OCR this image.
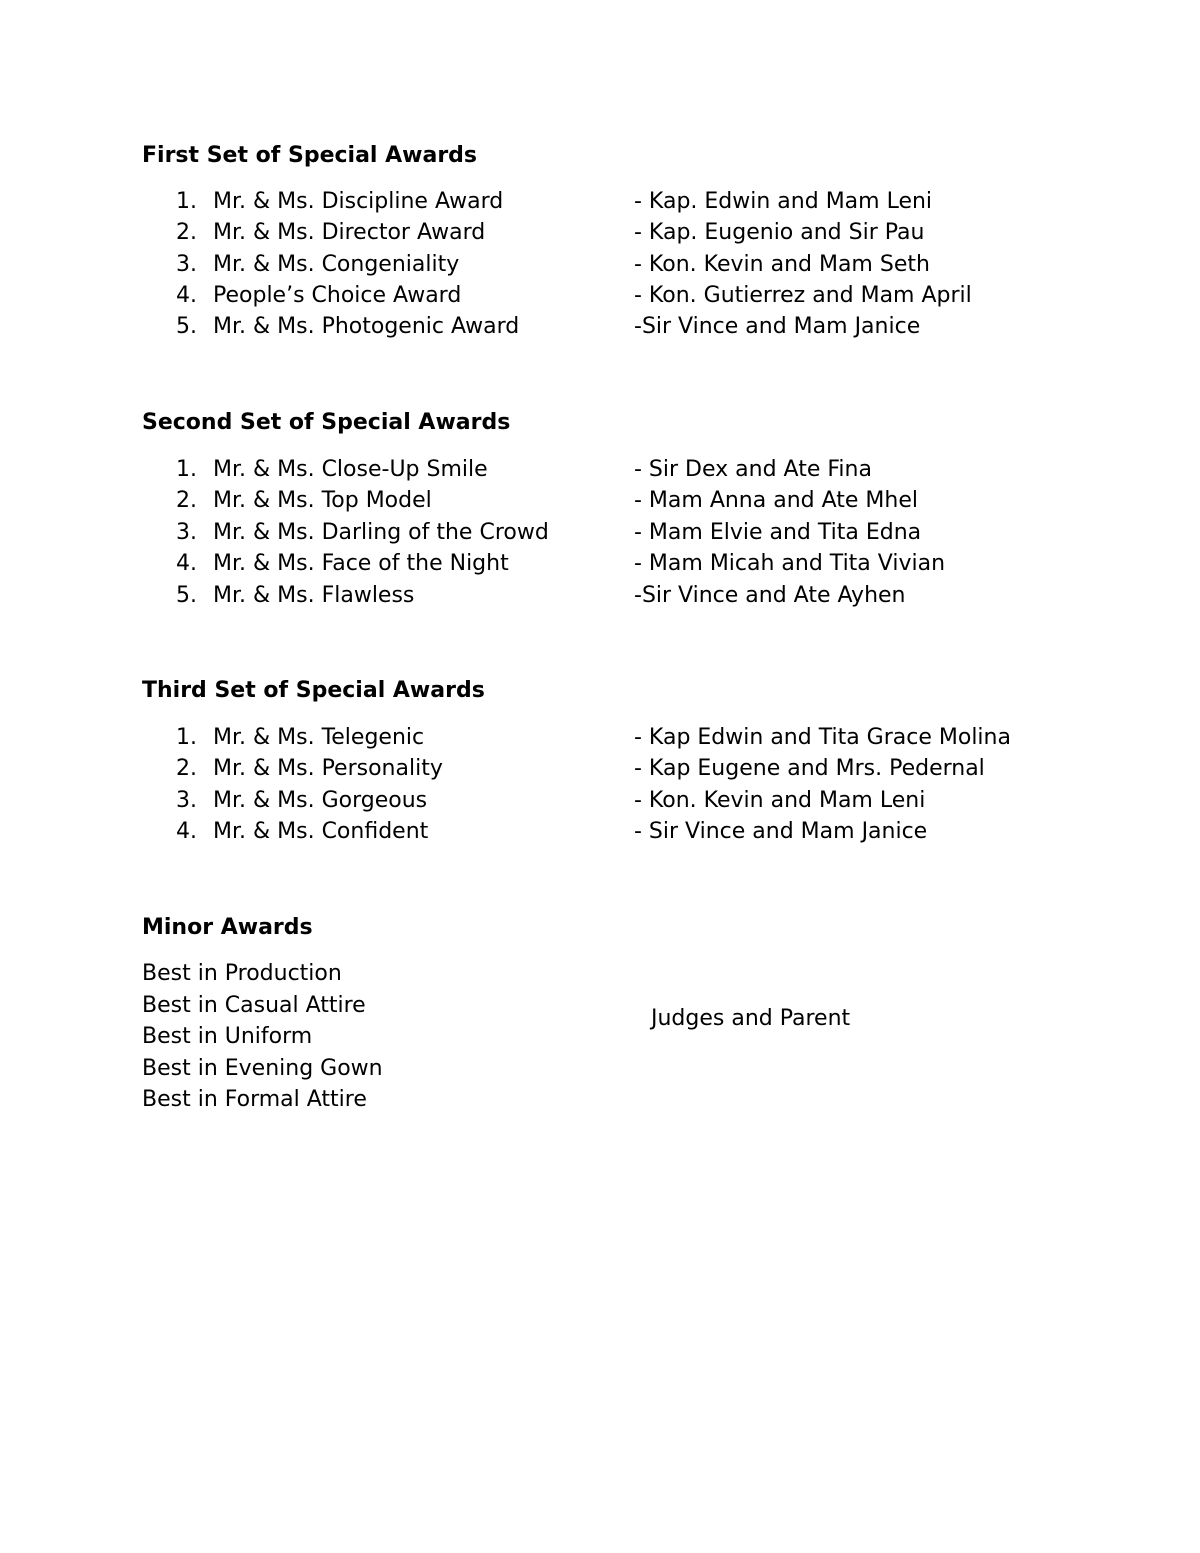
First Set of Special Awards
1. Mr. & Ms. Discipline Award	- Kap. Edwin and Mam Leni
2. Mr. & Ms. Director Award	- Kap. Eugenio and Sir Pau
3. Mr. & Ms. Congeniality	- Kon. Kevin and Mam Seth
4. People’s Choice Award	- Kon. Gutierrez and Mam April
5. Mr. & Ms. Photogenic Award	-Sir Vince and Mam Janice
Second Set of Special Awards
1. Mr. & Ms. Close-Up Smile	- Sir Dex and Ate Fina
2. Mr. & Ms. Top Model	- Mam Anna and Ate Mhel
3. Mr. & Ms. Darling of the Crowd	- Mam Elvie and Tita Edna
4. Mr. & Ms. Face of the Night	- Mam Micah and Tita Vivian
5. Mr. & Ms. Flawless	-Sir Vince and Ate Ayhen
Third Set of Special Awards
1. Mr. & Ms. Telegenic	- Kap Edwin and Tita Grace Molina
2. Mr. & Ms. Personality	- Kap Eugene and Mrs. Pedernal
3. Mr. & Ms. Gorgeous	- Kon. Kevin and Mam Leni
4. Mr. & Ms. Confident	- Sir Vince and Mam Janice
Minor Awards
Best in Production
Best in Casual Attire
Best in Uniform
Best in Evening Gown
Best in Formal Attire
Judges and Parent
